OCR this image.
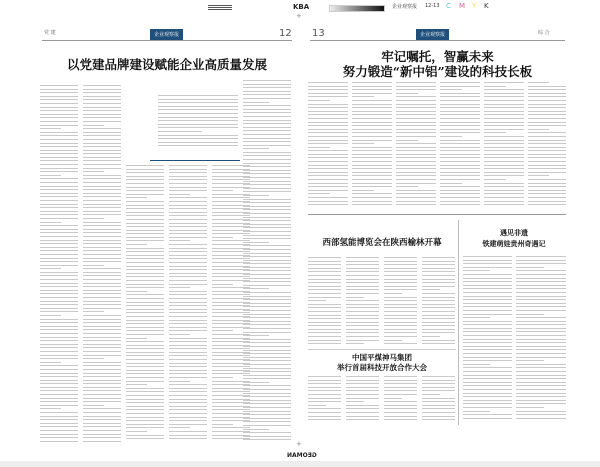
KBA	企业观察报 12-13 C M Y K
+
+
GEOMAN
党 建	企业观察报	12
以党建品牌建设赋能企业高质量发展
13	企业观察报	综 合
牢记嘱托，智赢未来
努力锻造“新中铝”建设的科技长板
西部氢能博览会在陕西榆林开幕
中国平煤神马集团
举行首届科技开放合作大会
遇见非遗
铁建萌娃贵州奇遇记
